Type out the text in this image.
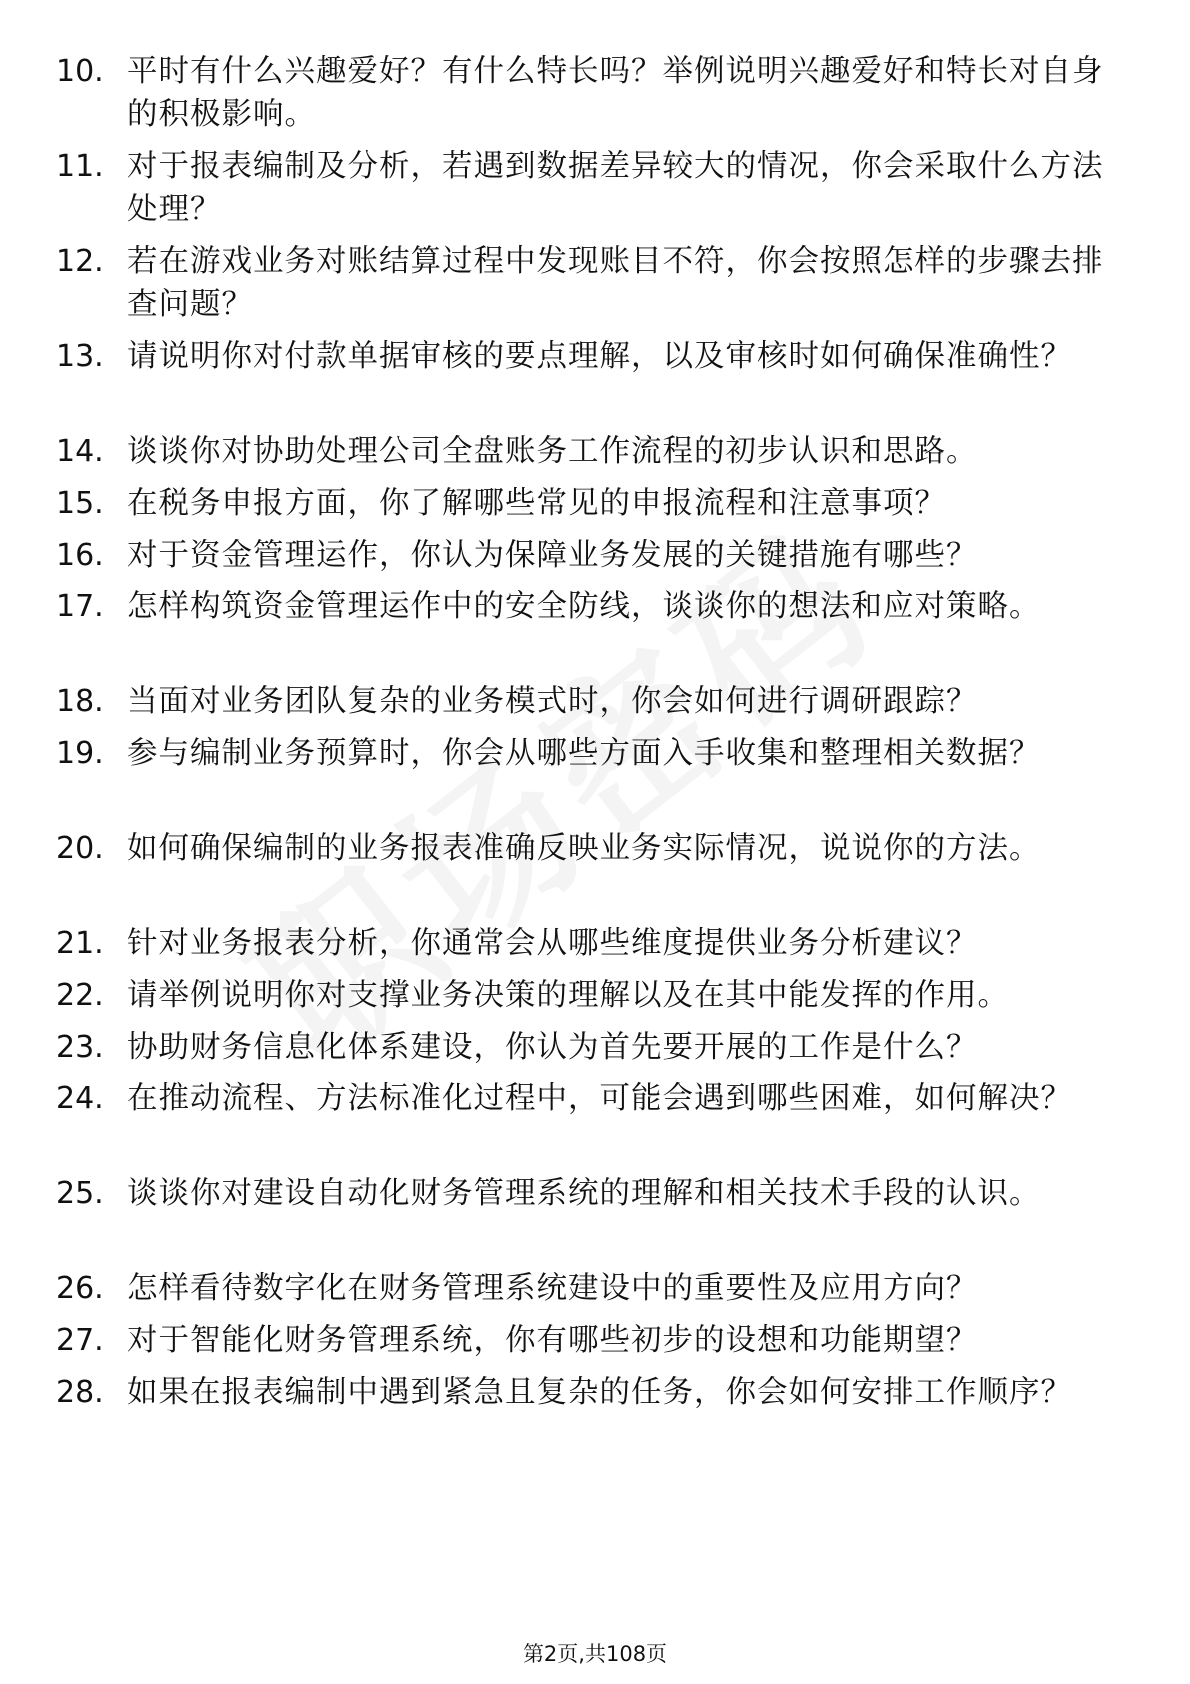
10. 平时有什么兴趣爱好？有什么特长吗？举例说明兴趣爱好和特长对自身的积极影响。
11. 对于报表编制及分析，若遇到数据差异较大的情况，你会采取什么方法处理？
12. 若在游戏业务对账结算过程中发现账目不符，你会按照怎样的步骤去排查问题？
13. 请说明你对付款单据审核的要点理解，以及审核时如何确保准确性？
14. 谈谈你对协助处理公司全盘账务工作流程的初步认识和思路。
15. 在税务申报方面，你了解哪些常见的申报流程和注意事项？
16. 对于资金管理运作，你认为保障业务发展的关键措施有哪些？
17. 怎样构筑资金管理运作中的安全防线，谈谈你的想法和应对策略。
18. 当面对业务团队复杂的业务模式时，你会如何进行调研跟踪？
19. 参与编制业务预算时，你会从哪些方面入手收集和整理相关数据？
20. 如何确保编制的业务报表准确反映业务实际情况，说说你的方法。
21. 针对业务报表分析，你通常会从哪些维度提供业务分析建议？
22. 请举例说明你对支撑业务决策的理解以及在其中能发挥的作用。
23. 协助财务信息化体系建设，你认为首先要开展的工作是什么？
24. 在推动流程、方法标准化过程中，可能会遇到哪些困难，如何解决？
25. 谈谈你对建设自动化财务管理系统的理解和相关技术手段的认识。
26. 怎样看待数字化在财务管理系统建设中的重要性及应用方向？
27. 对于智能化财务管理系统，你有哪些初步的设想和功能期望？
28. 如果在报表编制中遇到紧急且复杂的任务，你会如何安排工作顺序？
第2页,共108页
